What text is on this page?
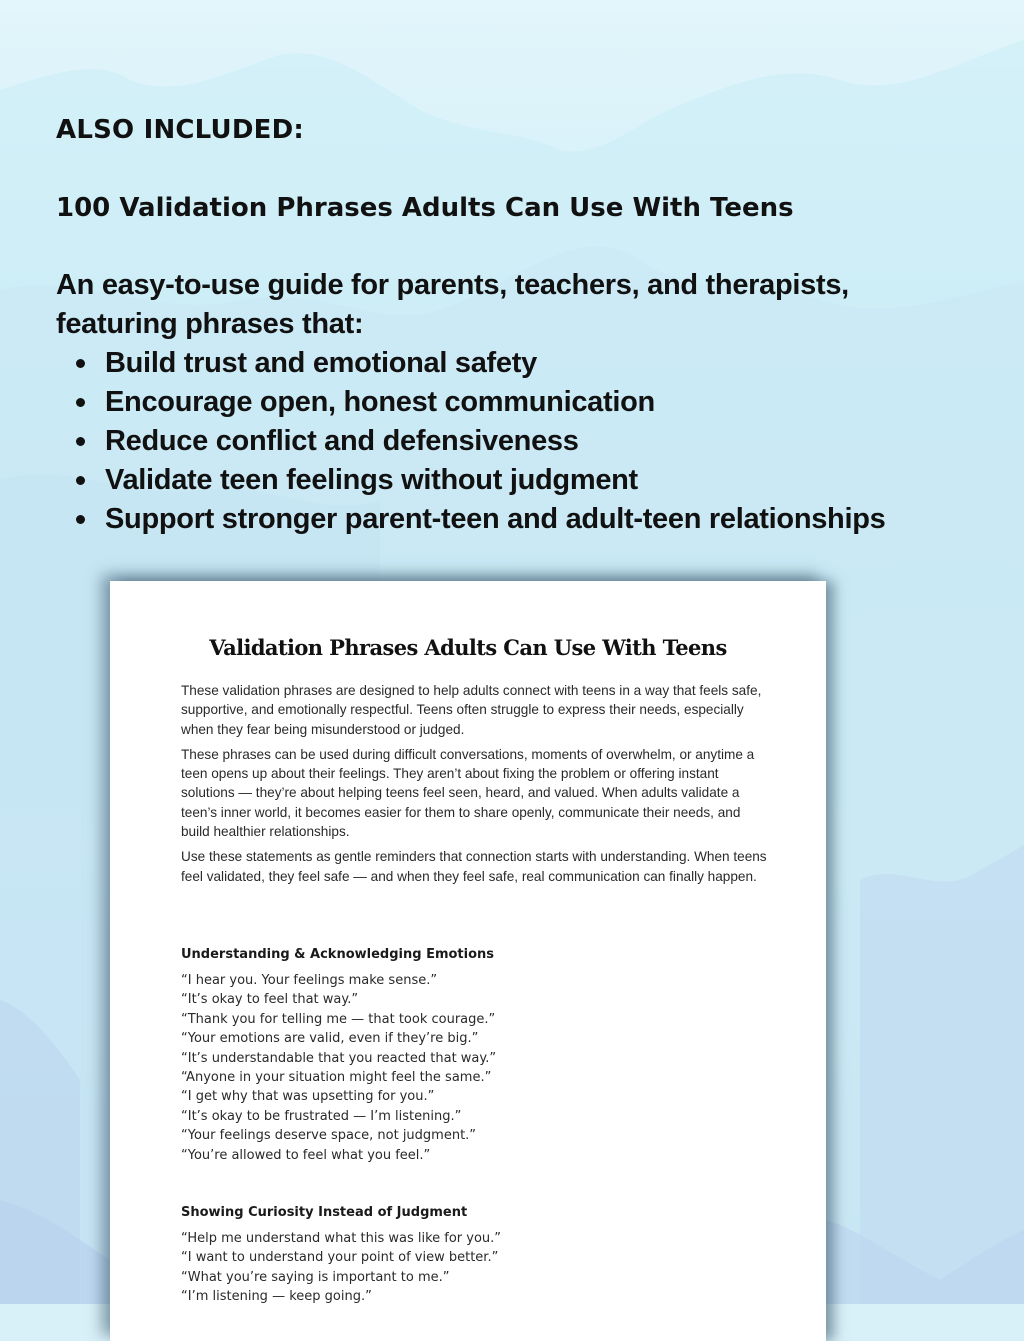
ALSO INCLUDED:
100 Validation Phrases Adults Can Use With Teens
An easy-to-use guide for parents, teachers, and therapists,
featuring phrases that:
Build trust and emotional safety
Encourage open, honest communication
Reduce conflict and defensiveness
Validate teen feelings without judgment
Support stronger parent-teen and adult-teen relationships
Validation Phrases Adults Can Use With Teens

These validation phrases are designed to help adults connect with teens in a way that feels safe, supportive, and emotionally respectful. Teens often struggle to express their needs, especially when they fear being misunderstood or judged.

These phrases can be used during difficult conversations, moments of overwhelm, or anytime a teen opens up about their feelings. They aren’t about fixing the problem or offering instant solutions — they’re about helping teens feel seen, heard, and valued. When adults validate a teen’s inner world, it becomes easier for them to share openly, communicate their needs, and build healthier relationships.

Use these statements as gentle reminders that connection starts with understanding. When teens feel validated, they feel safe — and when they feel safe, real communication can finally happen.

Understanding & Acknowledging Emotions
“I hear you. Your feelings make sense.”
“It’s okay to feel that way.”
“Thank you for telling me — that took courage.”
“Your emotions are valid, even if they’re big.”
“It’s understandable that you reacted that way.”
“Anyone in your situation might feel the same.”
“I get why that was upsetting for you.”
“It’s okay to be frustrated — I’m listening.”
“Your feelings deserve space, not judgment.”
“You’re allowed to feel what you feel.”
Showing Curiosity Instead of Judgment
“Help me understand what this was like for you.”
“I want to understand your point of view better.”
“What you’re saying is important to me.”
“I’m listening — keep going.”
